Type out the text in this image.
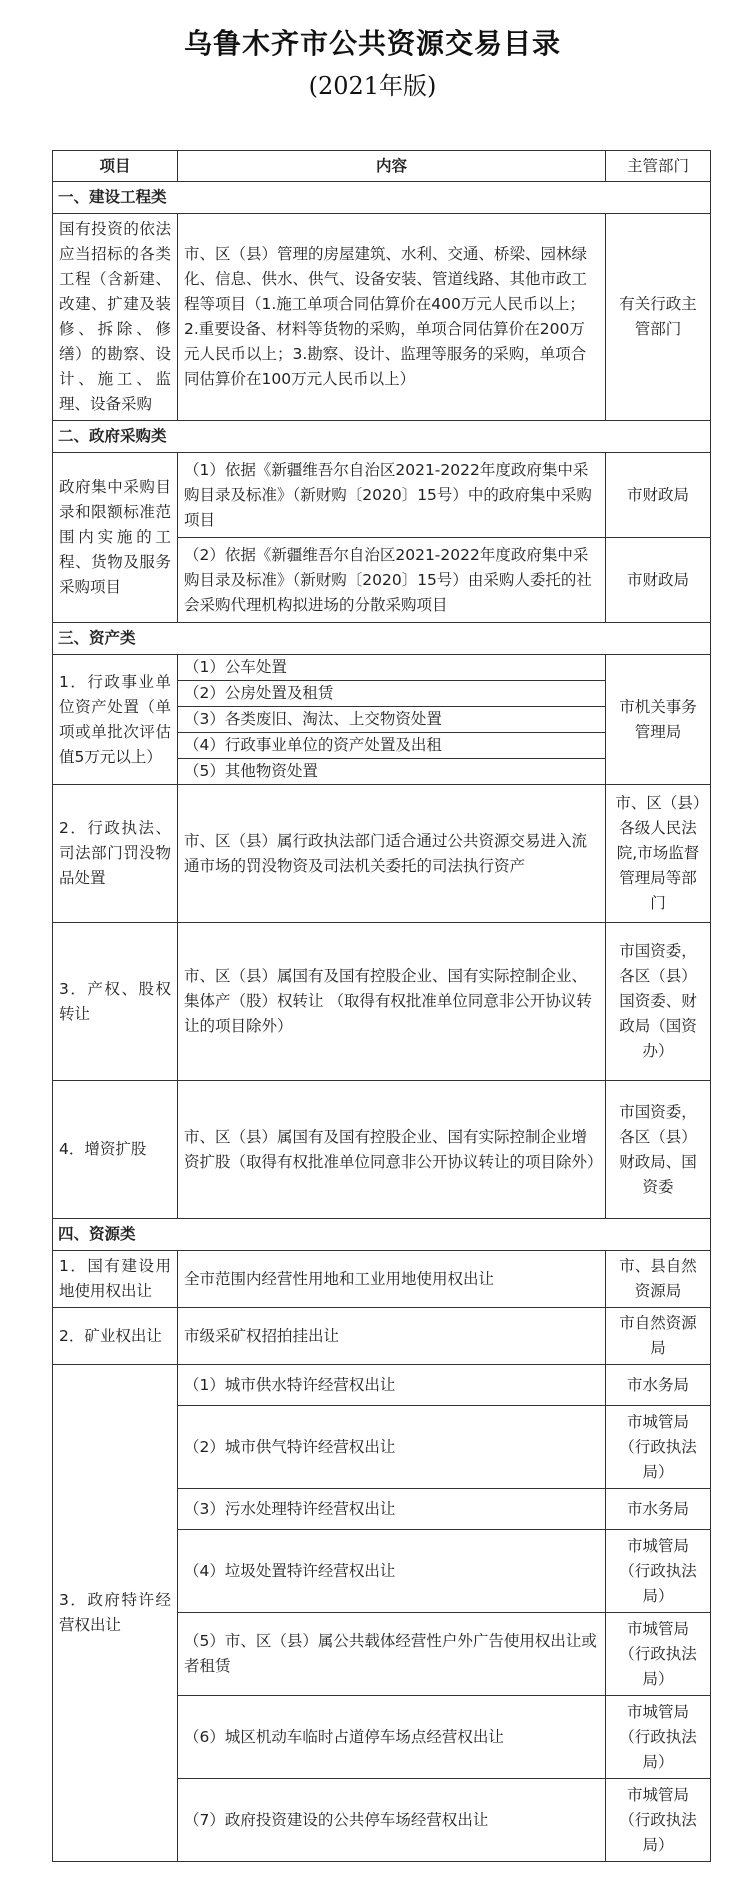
乌鲁木齐市公共资源交易目录
(2021年版)
项目	内容	主管部门
一、建设工程类		
国有投资的依法应当招标的各类工程（含新建、改建、扩建及装修、拆除、修缮）的勘察、设计、施工、监理、设备采购	市、区（县）管理的房屋建筑、水利、交通、桥梁、园林绿化、信息、供水、供气、设备安装、管道线路、其他市政工程等项目（1.施工单项合同估算价在400万元人民币以上；2.重要设备、材料等货物的采购，单项合同估算价在200万元人民币以上；3.勘察、设计、监理等服务的采购，单项合同估算价在100万元人民币以上）	有关行政主管部门
二、政府采购类		
政府集中采购目录和限额标准范围内实施的工程、货物及服务采购项目	（1）依据《新疆维吾尔自治区2021-2022年度政府集中采购目录及标准》（新财购〔2020〕15号）中的政府集中采购项目	市财政局
	（2）依据《新疆维吾尔自治区2021-2022年度政府集中采购目录及标准》（新财购〔2020〕15号）由采购人委托的社会采购代理机构拟进场的分散采购项目	市财政局
三、资产类		
1．行政事业单位资产处置（单项或单批次评估值5万元以上）	（1）公车处置	市机关事务管理局
	（2）公房处置及租赁	
	（3）各类废旧、淘汰、上交物资处置	
	（4）行政事业单位的资产处置及出租	
	（5）其他物资处置	
2．行政执法、司法部门罚没物品处置	市、区（县）属行政执法部门适合通过公共资源交易进入流通市场的罚没物资及司法机关委托的司法执行资产	市、区（县）各级人民法院,市场监督管理局等部门
3．产权、股权转让	市、区（县）属国有及国有控股企业、国有实际控制企业、集体产（股）权转让 （取得有权批准单位同意非公开协议转让的项目除外）	市国资委，各区（县）国资委、财政局（国资办）
4．增资扩股	市、区（县）属国有及国有控股企业、国有实际控制企业增资扩股（取得有权批准单位同意非公开协议转让的项目除外）	市国资委，各区（县）财政局、国资委
四、资源类		
1．国有建设用地使用权出让	全市范围内经营性用地和工业用地使用权出让	市、县自然资源局
2．矿业权出让	市级采矿权招拍挂出让	市自然资源局
3．政府特许经营权出让	（1）城市供水特许经营权出让	市水务局
	（2）城市供气特许经营权出让	市城管局（行政执法局）
	（3）污水处理特许经营权出让	市水务局
	（4）垃圾处置特许经营权出让	市城管局（行政执法局）
	（5）市、区（县）属公共载体经营性户外广告使用权出让或者租赁	市城管局（行政执法局）
	（6）城区机动车临时占道停车场点经营权出让	市城管局（行政执法局）
	（7）政府投资建设的公共停车场经营权出让	市城管局（行政执法局）
